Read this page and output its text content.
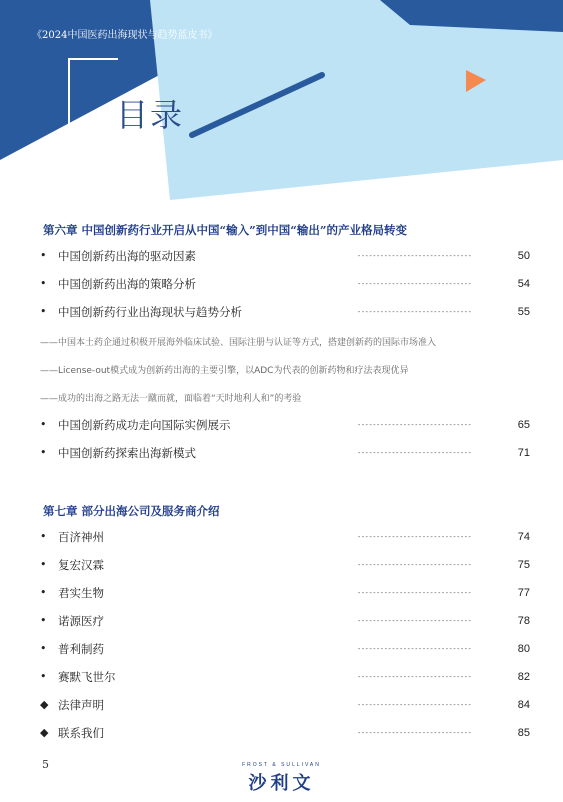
《2024中国医药出海现状与趋势蓝皮书》
目录
第六章 中国创新药行业开启从中国“输入”到中国“输出”的产业格局转变
• 中国创新药出海的驱动因素	------------------------------	50
• 中国创新药出海的策略分析	------------------------------	54
• 中国创新药行业出海现状与趋势分析	------------------------------	55
——中国本土药企通过积极开展海外临床试验、国际注册与认证等方式，搭建创新药的国际市场准入
——License-out模式成为创新药出海的主要引擎，以ADC为代表的创新药物和疗法表现优异
——成功的出海之路无法一蹴而就，面临着“天时地利人和”的考验
• 中国创新药成功走向国际实例展示	------------------------------	65
• 中国创新药探索出海新模式	------------------------------	71
第七章 部分出海公司及服务商介绍
• 百济神州	------------------------------	74
• 复宏汉霖	------------------------------	75
• 君实生物	------------------------------	77
• 诺源医疗	------------------------------	78
• 普利制药	------------------------------	80
• 赛默飞世尔	------------------------------	82
◆ 法律声明	------------------------------	84
◆ 联系我们	------------------------------	85
5	FROST & SULLIVAN
沙利文
